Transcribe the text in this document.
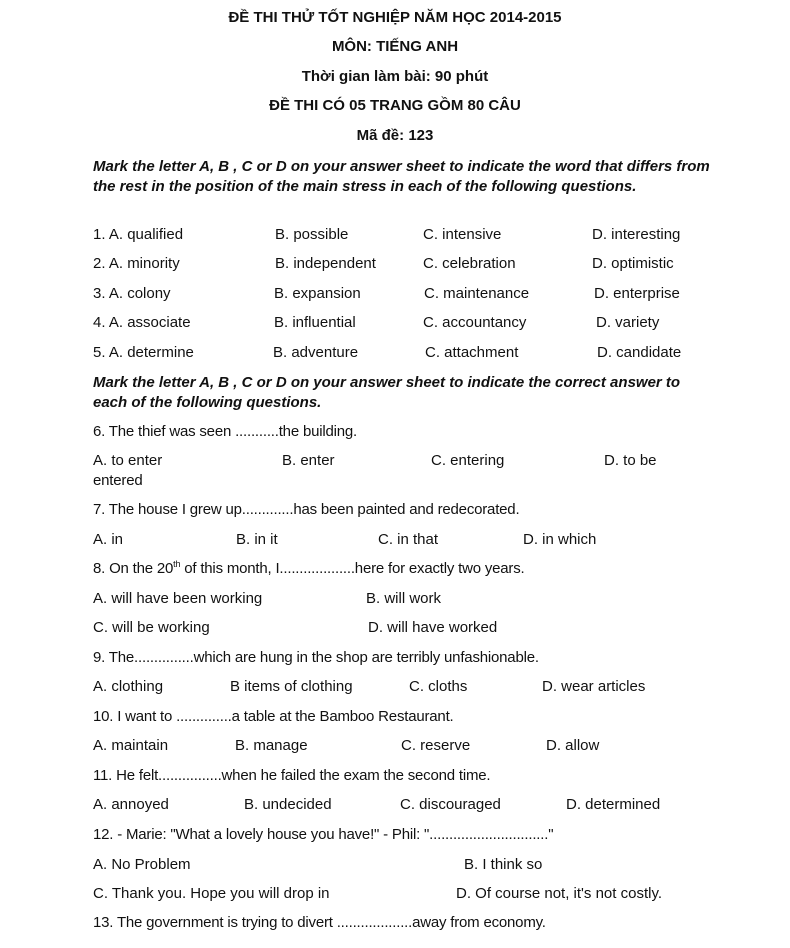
ĐỀ THI THỬ TỐT NGHIỆP NĂM HỌC 2014-2015
MÔN: TIẾNG ANH
Thời gian làm bài: 90 phút
ĐỀ THI CÓ 05 TRANG GỒM 80 CÂU
Mã đề: 123
Mark the letter A, B , C or D on your answer sheet to indicate the word that differs from the rest in the position of the main stress in each of the following questions.
1. A. qualified	B. possible	C. intensive	D. interesting
2. A. minority	B. independent	C. celebration	D. optimistic
3. A. colony	B. expansion	C. maintenance	D. enterprise
4. A. associate	B. influential	C. accountancy	D. variety
5. A. determine	B. adventure	C. attachment	D. candidate
Mark the letter A, B , C or D on your answer sheet to indicate the correct answer to each of the following questions.
6. The thief was seen ...........the building.
A. to enter	B. enter	C. entering	D. to be
entered
7. The house I grew up.............has been painted and redecorated.
A. in	B. in it	C. in that	D. in which
8. On the 20th of this month, I...................here for exactly two years.
A. will have been working	B. will work
C. will be working	D. will have worked
9. The...............which are hung in the shop are terribly unfashionable.
A. clothing	B items of clothing	C. cloths	D. wear articles
10. I want to ..............a table at the Bamboo Restaurant.
A. maintain	B. manage	C. reserve	D. allow
11. He felt................when he failed the exam the second time.
A. annoyed	B. undecided	C. discouraged	D. determined
12. - Marie: "What a lovely house you have!" - Phil: ".............................."
A. No Problem	B. I think so
C. Thank you. Hope you will drop in	D. Of course not, it's not costly.
13. The government is trying to divert ...................away from economy.
